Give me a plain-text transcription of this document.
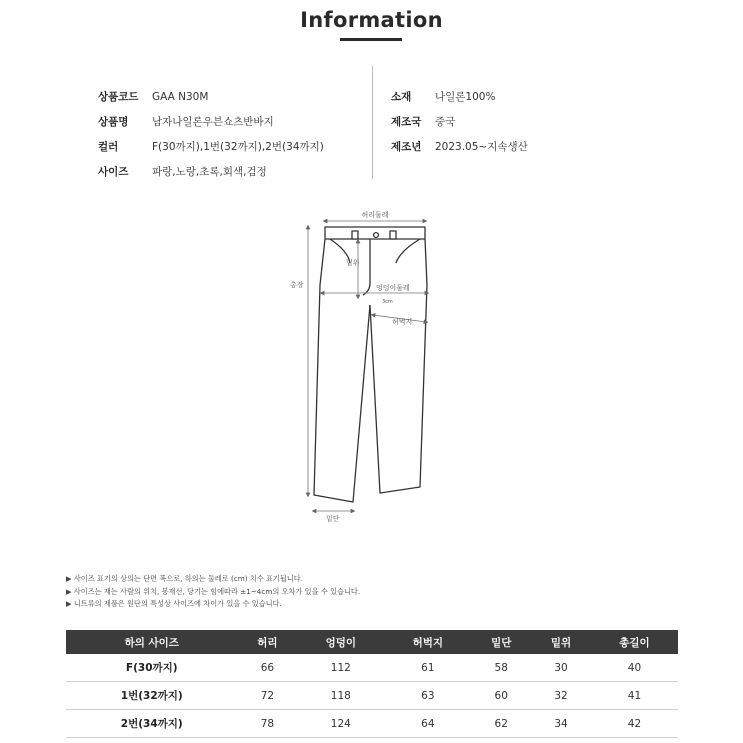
Information
상품코드	GAA N30M
상품명	남자나일론우븐쇼츠반바지
컬러	F(30까지),1번(32까지),2번(34까지)
사이즈	파랑,노랑,초록,회색,검정
소재	나일론100%
제조국	중국
제조년	2023.05~지속생산
허리둘레
총장
밑위
엉덩이둘레
3cm
허벅지
밑단
▶ 사이즈 표기의 상의는 단면 폭으로, 하의는 둘레로 (cm) 치수 표기됩니다.
▶ 사이즈는 재는 사람의 위치, 봉재선, 당기는 힘에따라 ±1~4cm의 오차가 있을 수 있습니다.
▶ 니트류의 제품은 원단의 특성상 사이즈에 차이가 있을 수 있습니다.
하의 사이즈	허리	엉덩이	허벅지	밑단	밑위	총길이
F(30까지)	66	112	61	58	30	40
1번(32까지)	72	118	63	60	32	41
2번(34까지)	78	124	64	62	34	42
